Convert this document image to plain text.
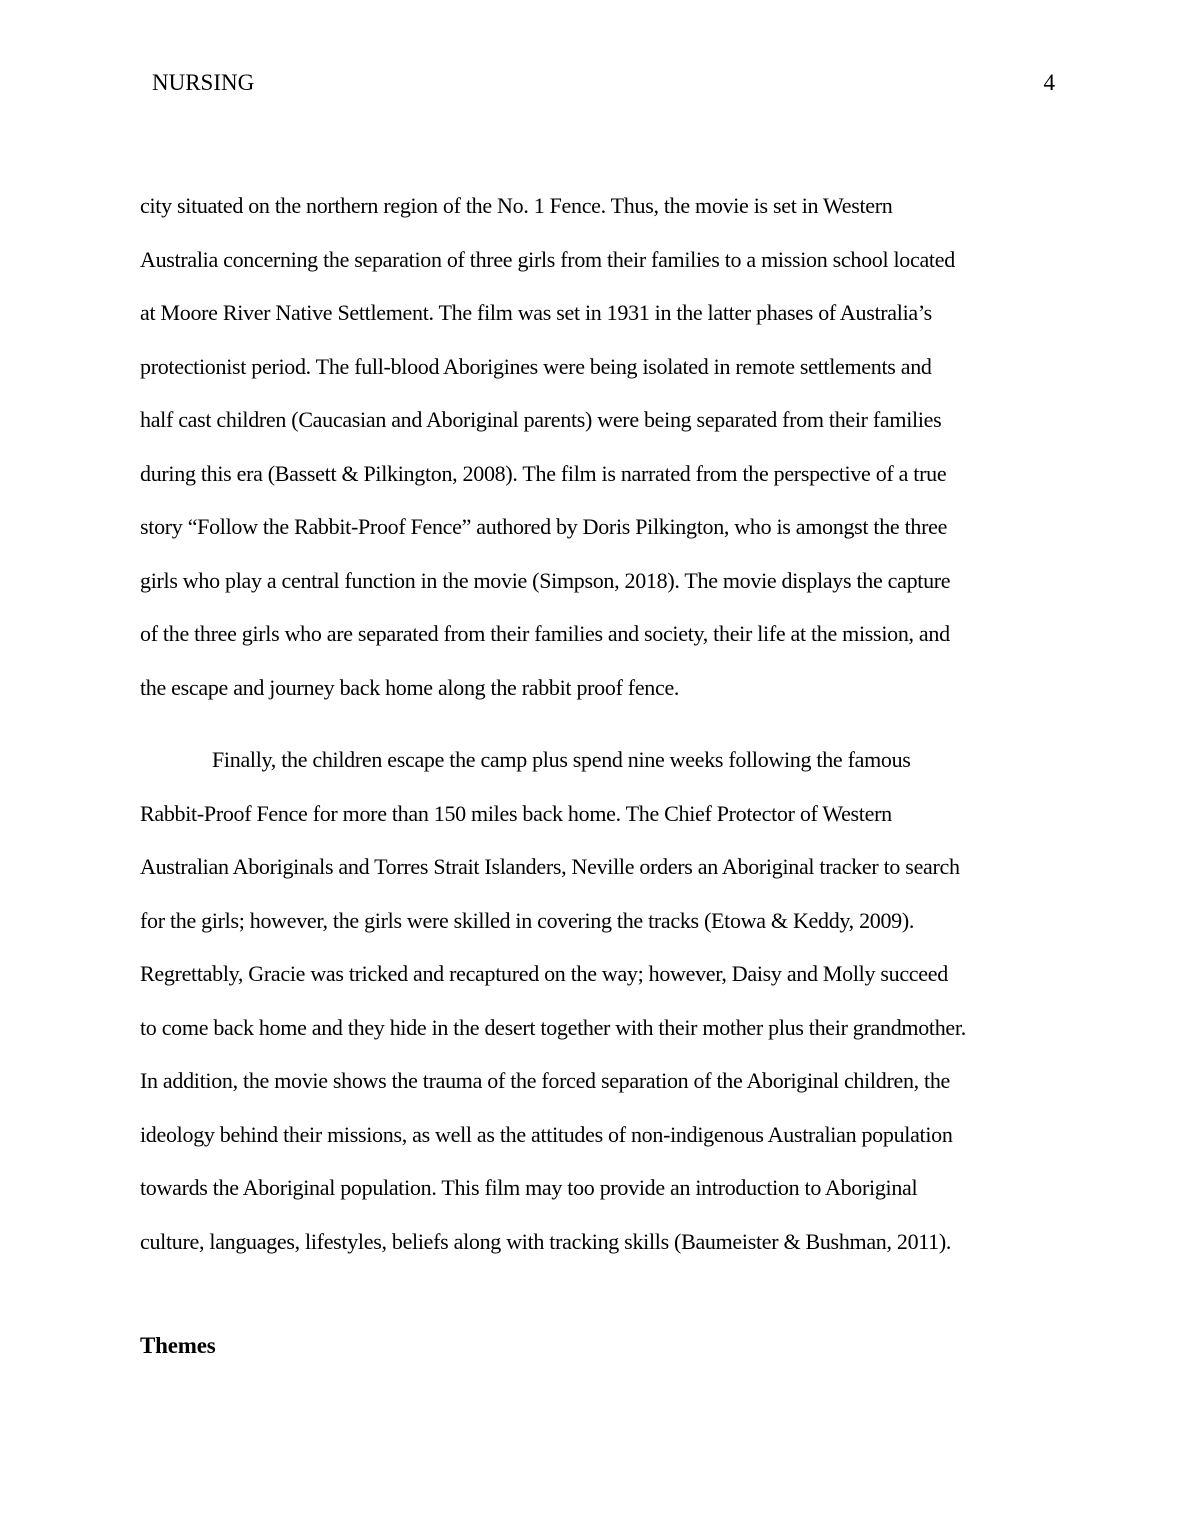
NURSING	4
city situated on the northern region of the No. 1 Fence. Thus, the movie is set in Western
Australia concerning the separation of three girls from their families to a mission school located
at Moore River Native Settlement. The film was set in 1931 in the latter phases of Australia’s
protectionist period. The full-blood Aborigines were being isolated in remote settlements and
half cast children (Caucasian and Aboriginal parents) were being separated from their families
during this era (Bassett & Pilkington, 2008). The film is narrated from the perspective of a true
story “Follow the Rabbit-Proof Fence” authored by Doris Pilkington, who is amongst the three
girls who play a central function in the movie (Simpson, 2018). The movie displays the capture
of the three girls who are separated from their families and society, their life at the mission, and
the escape and journey back home along the rabbit proof fence.
Finally, the children escape the camp plus spend nine weeks following the famous
Rabbit-Proof Fence for more than 150 miles back home. The Chief Protector of Western
Australian Aboriginals and Torres Strait Islanders, Neville orders an Aboriginal tracker to search
for the girls; however, the girls were skilled in covering the tracks (Etowa & Keddy, 2009).
Regrettably, Gracie was tricked and recaptured on the way; however, Daisy and Molly succeed
to come back home and they hide in the desert together with their mother plus their grandmother.
In addition, the movie shows the trauma of the forced separation of the Aboriginal children, the
ideology behind their missions, as well as the attitudes of non-indigenous Australian population
towards the Aboriginal population. This film may too provide an introduction to Aboriginal
culture, languages, lifestyles, beliefs along with tracking skills (Baumeister & Bushman, 2011).
Themes
